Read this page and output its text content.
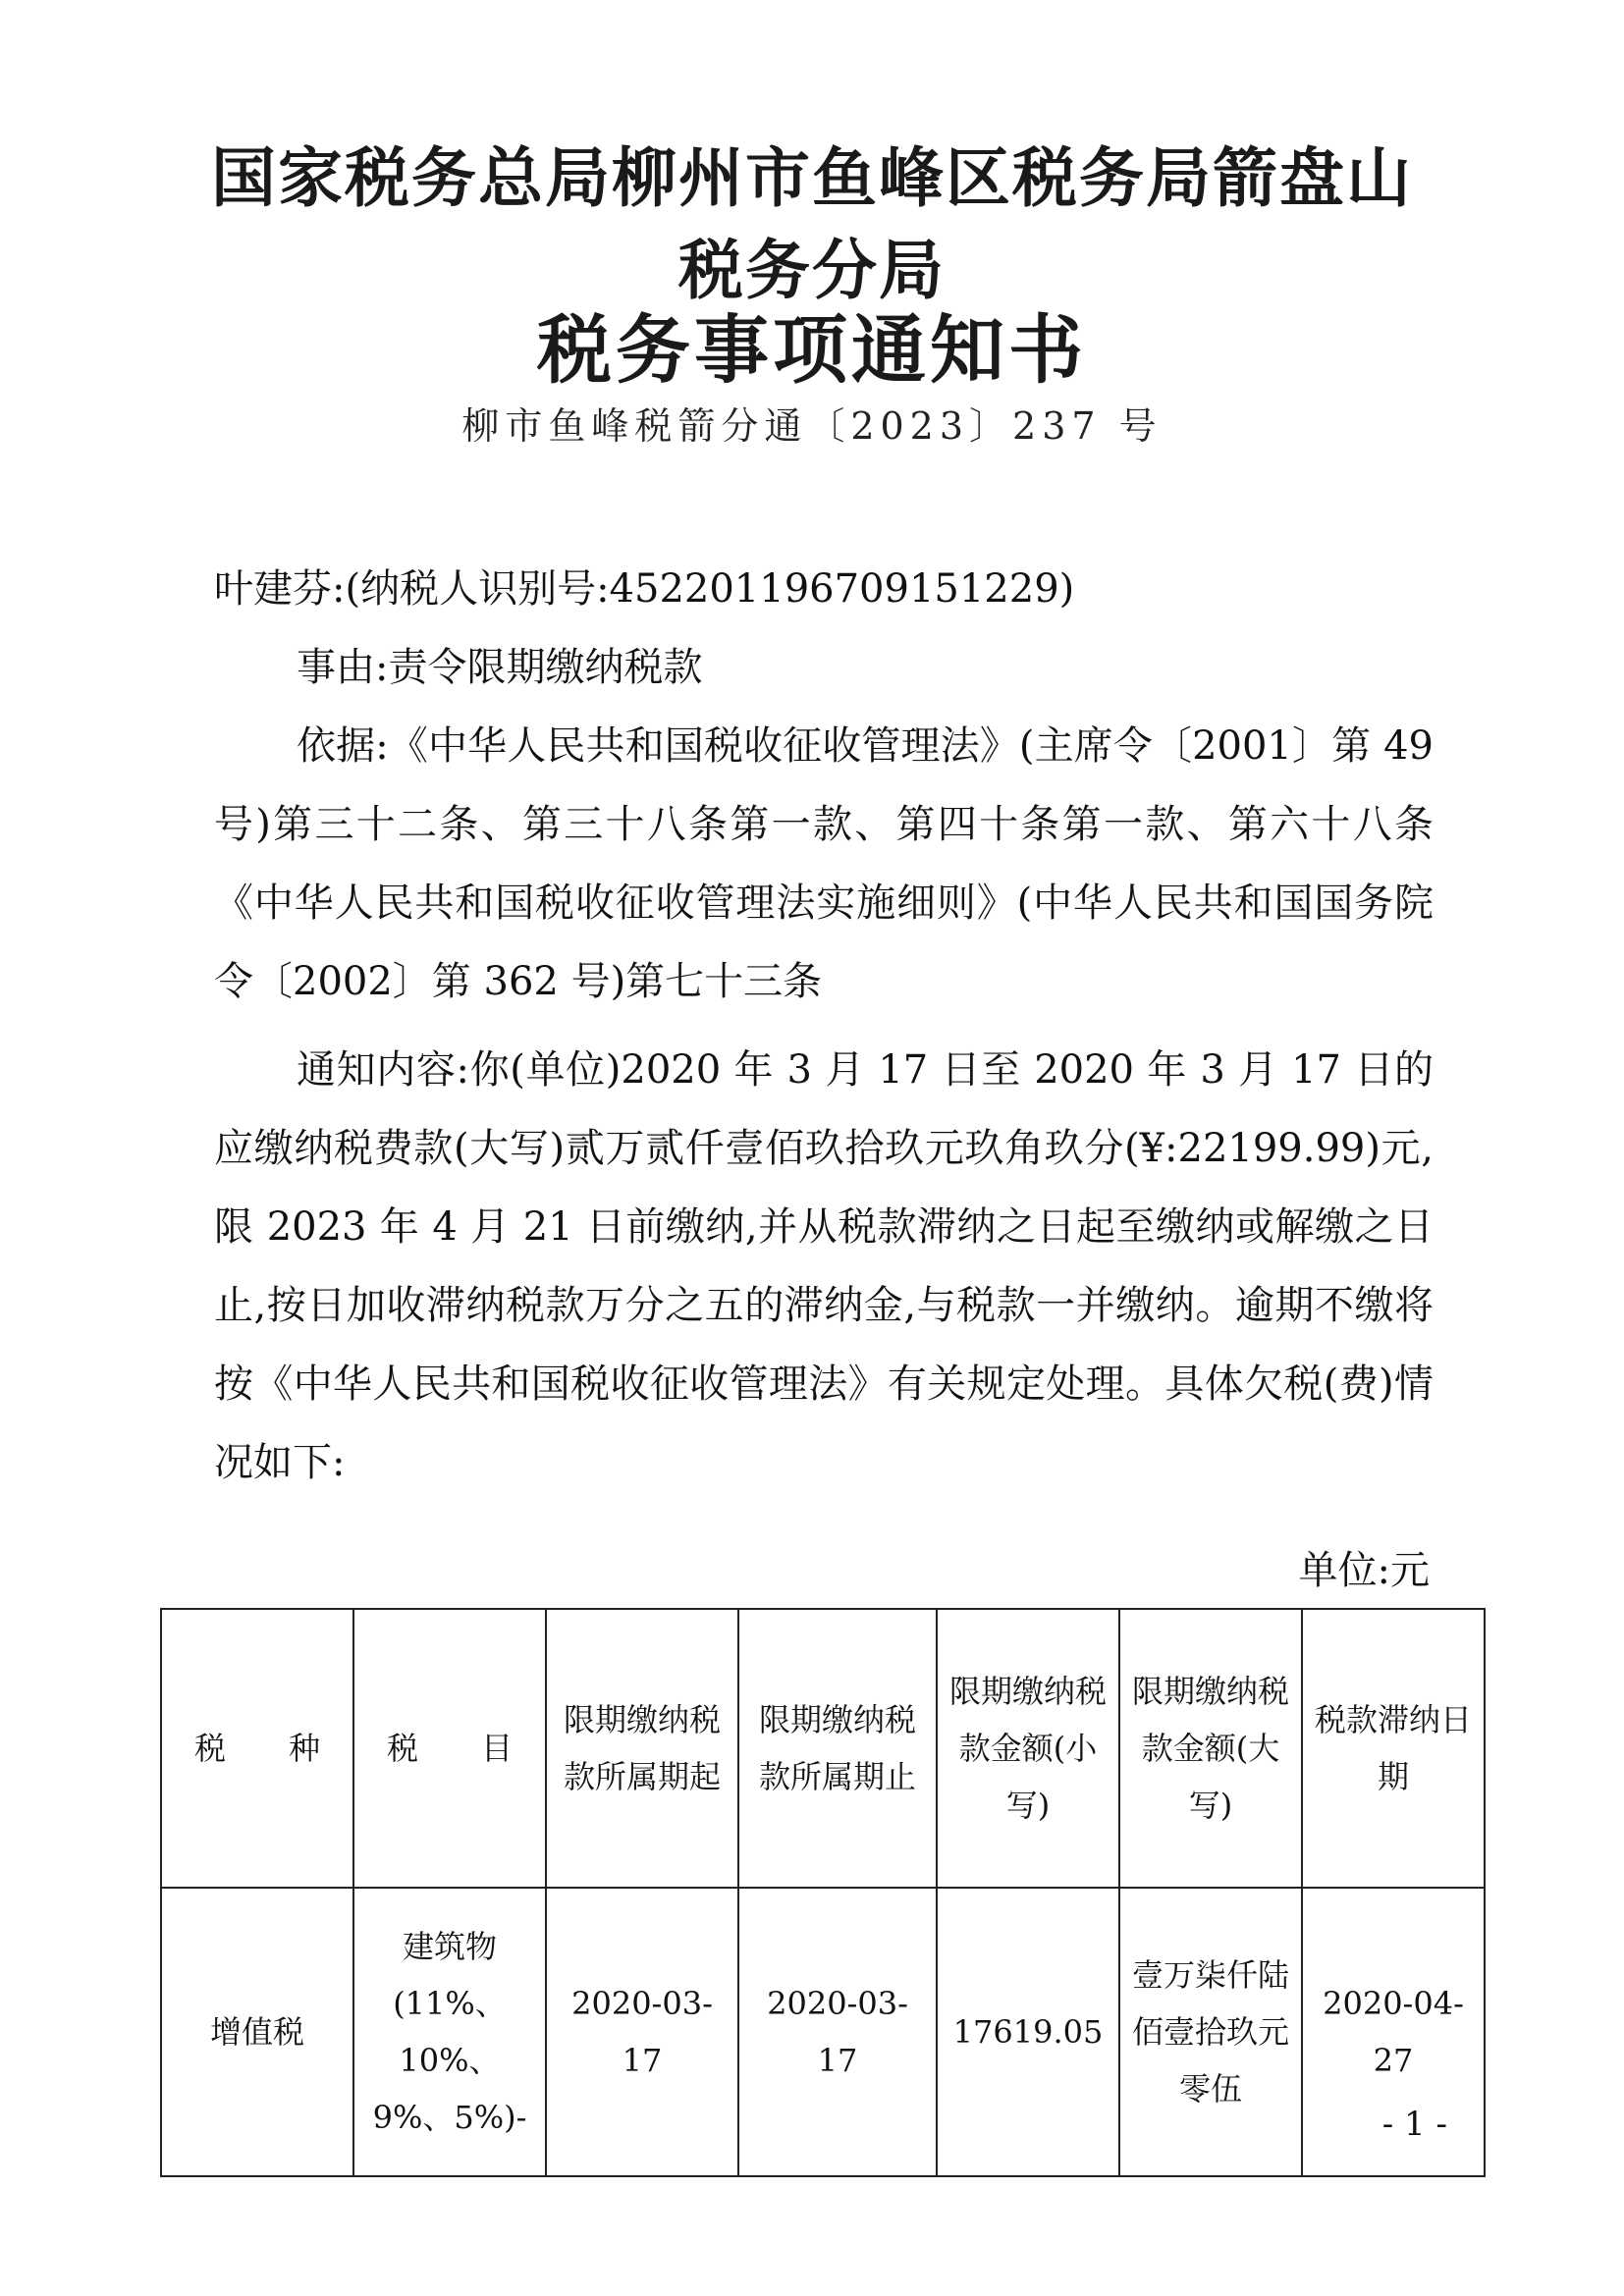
国家税务总局柳州市鱼峰区税务局箭盘山
税务分局
税务事项通知书
柳市鱼峰税箭分通〔2023〕237 号
叶建芬:(纳税人识别号:452201196709151229)
事由:责令限期缴纳税款
依据:《中华人民共和国税收征收管理法》(主席令〔2001〕第 49 号)第三十二条、第三十八条第一款、第四十条第一款、第六十八条《中华人民共和国税收征收管理法实施细则》(中华人民共和国国务院令〔2002〕第 362 号)第七十三条
通知内容:你(单位)2020 年 3 月 17 日至 2020 年 3 月 17 日的应缴纳税费款(大写)贰万贰仟壹佰玖拾玖元玖角玖分(¥:22199.99)元,限 2023 年 4 月 21 日前缴纳,并从税款滞纳之日起至缴纳或解缴之日止,按日加收滞纳税款万分之五的滞纳金,与税款一并缴纳。逾期不缴将按《中华人民共和国税收征收管理法》有关规定处理。具体欠税(费)情况如下:
单位:元
税　　种	税　　目	限期缴纳税款所属期起	限期缴纳税款所属期止	限期缴纳税款金额(小写)	限期缴纳税款金额(大写)	税款滞纳日期
增值税	建筑物(11%、10%、9%、5%)-	2020-03-17	2020-03-17	17619.05	壹万柒仟陆佰壹拾玖元零伍	2020-04-27
- 1 -
